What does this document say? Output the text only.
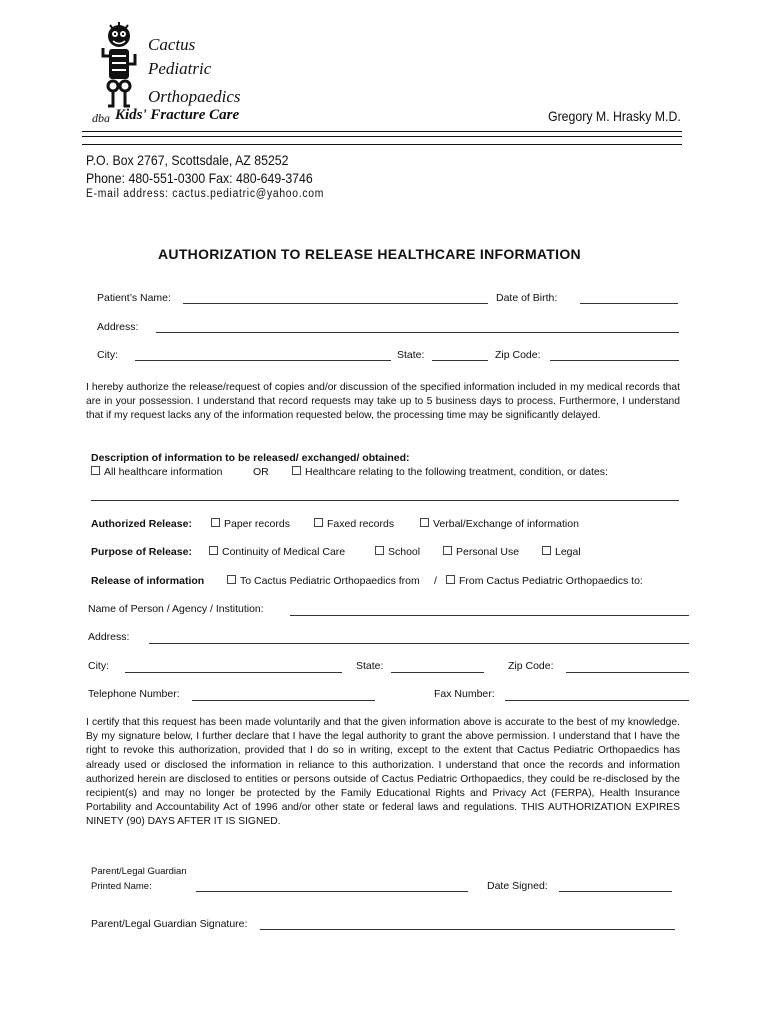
Cactus
Pediatric
Orthopaedics
dba Kids' Fracture Care	Gregory M. Hrasky M.D.
P.O. Box 2767, Scottsdale, AZ 85252
Phone: 480-551-0300 Fax: 480-649-3746
E-mail address: cactus.pediatric@yahoo.com
AUTHORIZATION TO RELEASE HEALTHCARE INFORMATION
Patient’s Name:	Date of Birth:
Address:
City:	State:	Zip Code:
I hereby authorize the release/request of copies and/or discussion of the specified information included in my medical records that are in your possession. I understand that record requests may take up to 5 business days to process. Furthermore, I understand that if my request lacks any of the information requested below, the processing time may be significantly delayed.
Description of information to be released/ exchanged/ obtained:
All healthcare information	OR	Healthcare relating to the following treatment, condition, or dates:
Authorized Release:	Paper records	Faxed records	Verbal/Exchange of information
Purpose of Release:	Continuity of Medical Care	School	Personal Use	Legal
Release of information	To Cactus Pediatric Orthopaedics from /	From Cactus Pediatric Orthopaedics to:
Name of Person / Agency / Institution:
Address:
City:	State:	Zip Code:
Telephone Number:	Fax Number:
I certify that this request has been made voluntarily and that the given information above is accurate to the best of my knowledge. By my signature below, I further declare that I have the legal authority to grant the above permission. I understand that I have the right to revoke this authorization, provided that I do so in writing, except to the extent that Cactus Pediatric Orthopaedics has already used or disclosed the information in reliance to this authorization. I understand that once the records and information authorized herein are disclosed to entities or persons outside of Cactus Pediatric Orthopaedics, they could be re-disclosed by the recipient(s) and may no longer be protected by the Family Educational Rights and Privacy Act (FERPA), Health Insurance Portability and Accountability Act of 1996 and/or other state or federal laws and regulations. THIS AUTHORIZATION EXPIRES NINETY (90) DAYS AFTER IT IS SIGNED.
Parent/Legal Guardian
Printed Name:	Date Signed:
Parent/Legal Guardian Signature:
